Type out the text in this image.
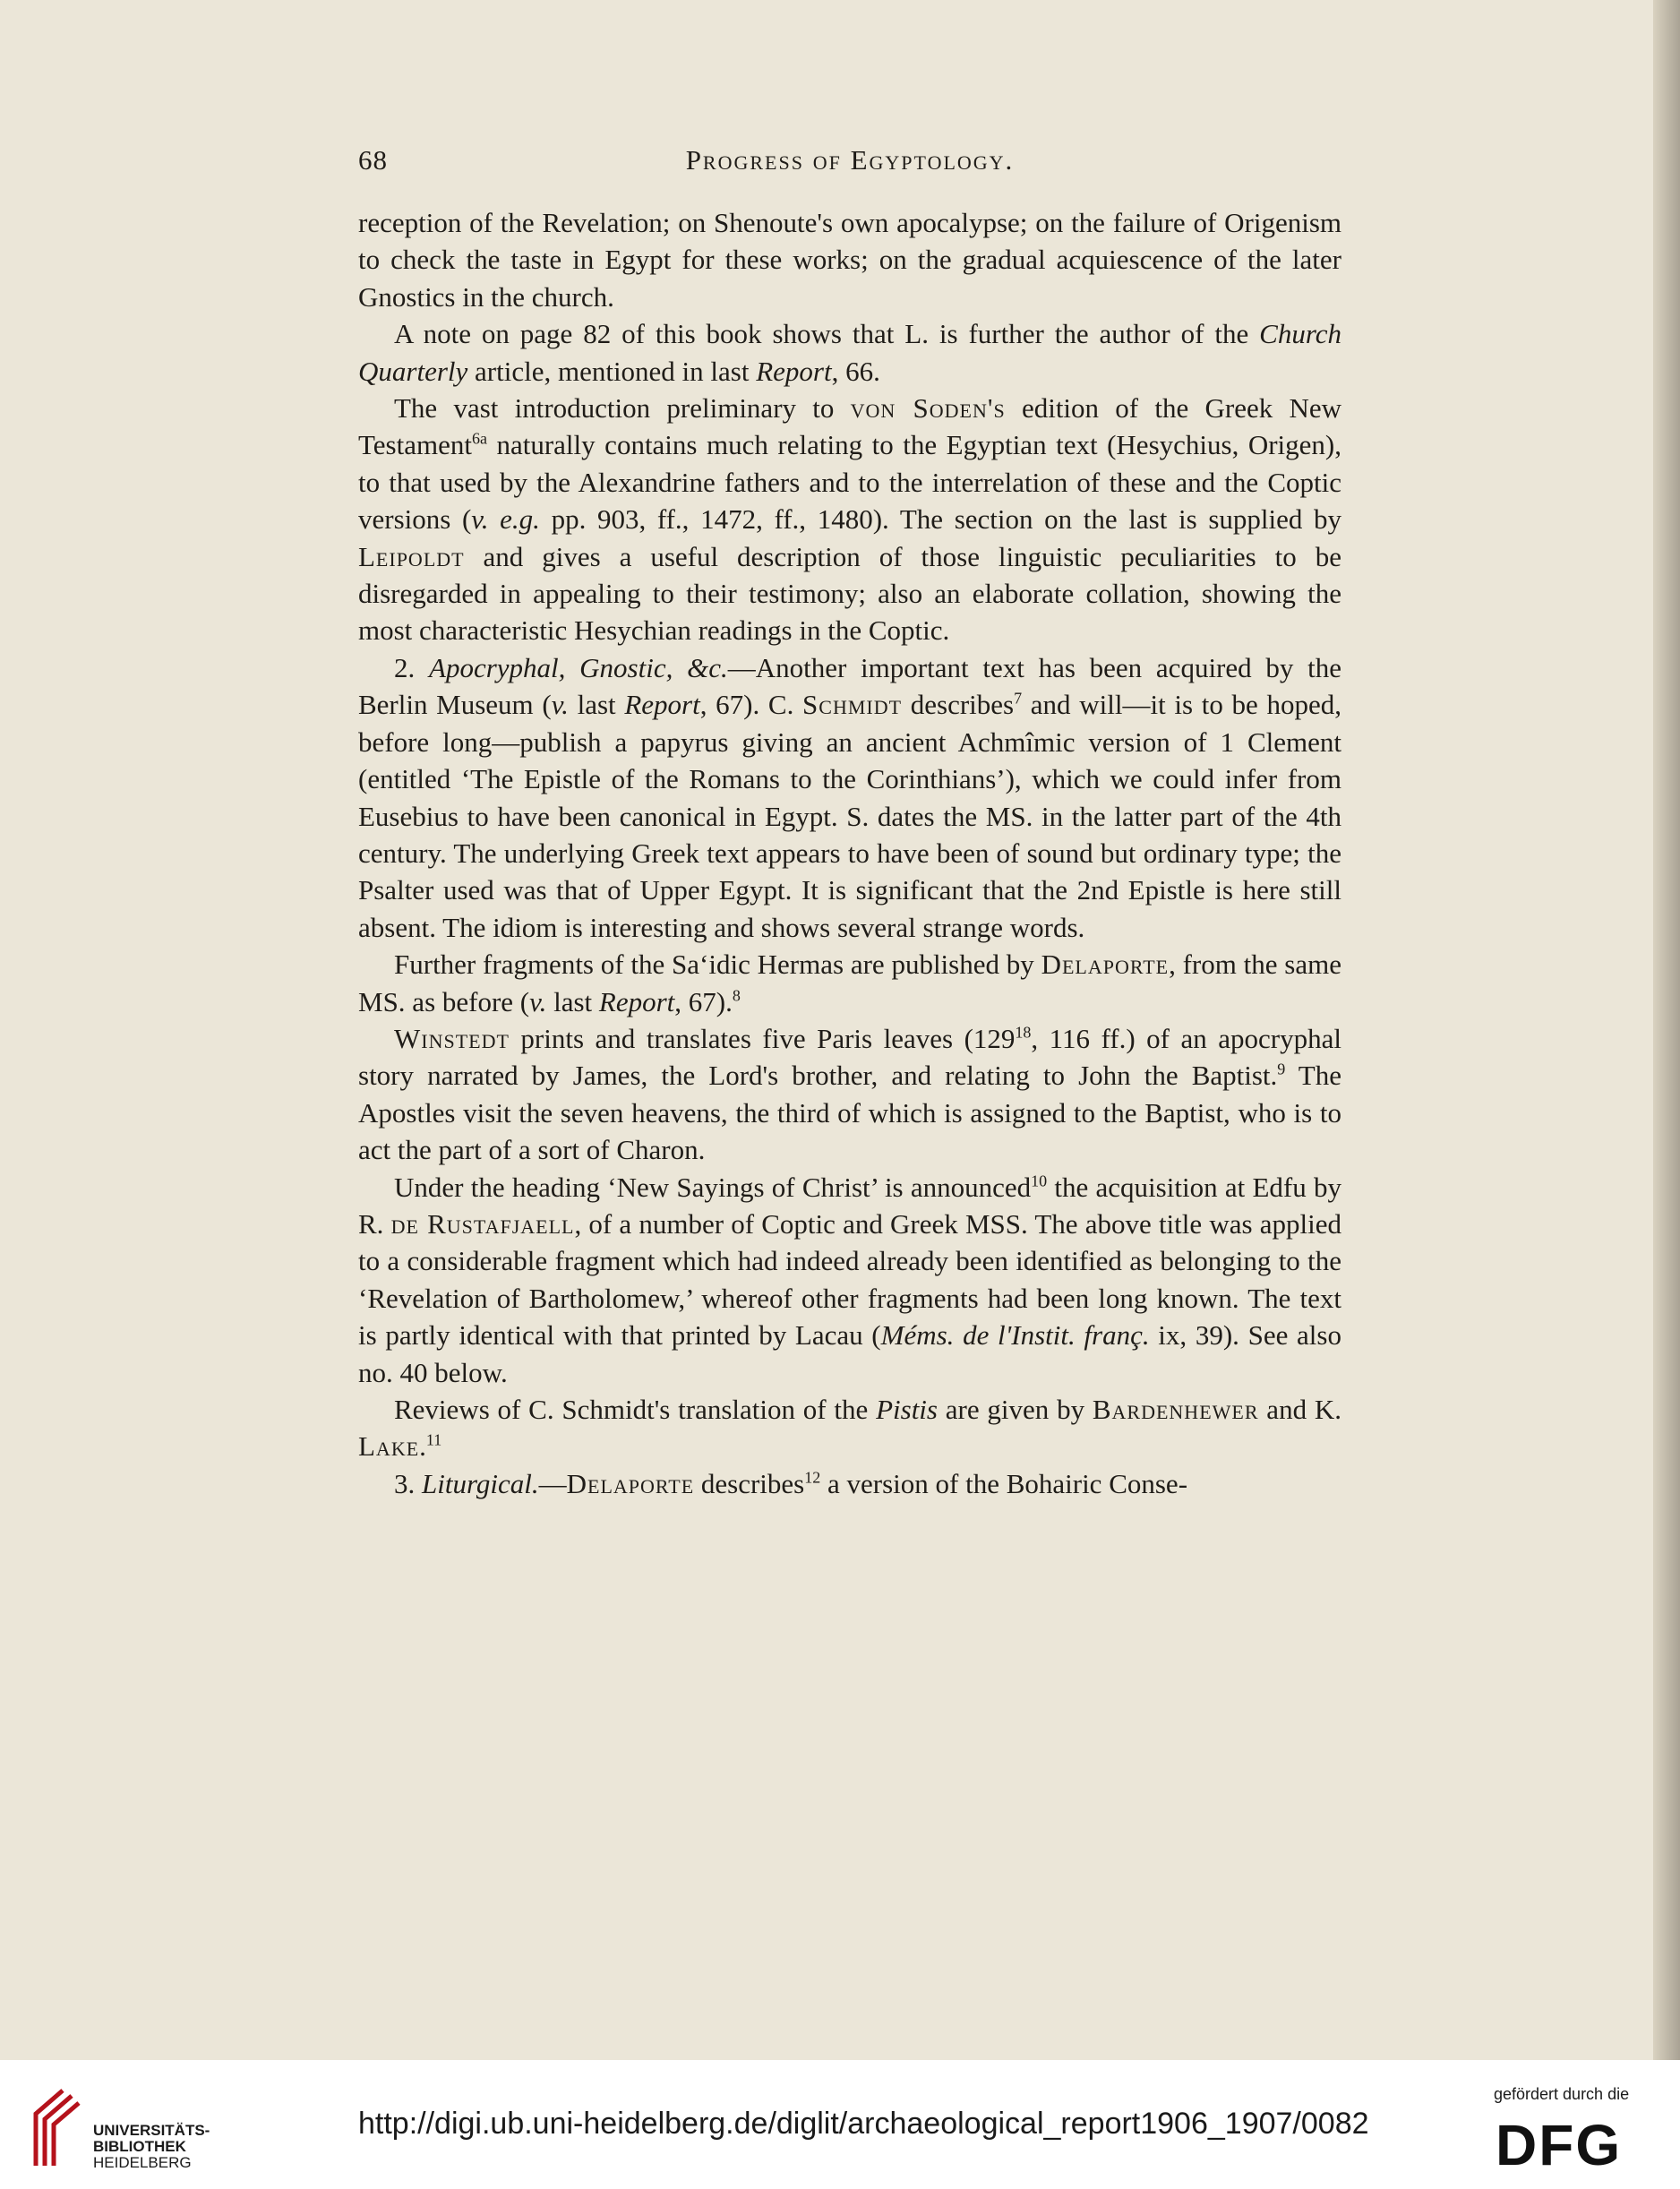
68	Progress of Egyptology.

reception of the Revelation; on Shenoute's own apocalypse; on the failure of Origenism to check the taste in Egypt for these works; on the gradual acquiescence of the later Gnostics in the church.

A note on page 82 of this book shows that L. is further the author of the Church Quarterly article, mentioned in last Report, 66.

The vast introduction preliminary to von Soden's edition of the Greek New Testament$^{6a}$ naturally contains much relating to the Egyptian text (Hesychius, Origen), to that used by the Alexandrine fathers and to the interrelation of these and the Coptic versions (v. e.g. pp. 903, ff., 1472, ff., 1480). The section on the last is supplied by Leipoldt and gives a useful description of those linguistic peculiarities to be disregarded in appealing to their testimony; also an elaborate collation, showing the most characteristic Hesychian readings in the Coptic.

2. Apocryphal, Gnostic, &c.—Another important text has been acquired by the Berlin Museum (v. last Report, 67). C. Schmidt describes$^7$ and will—it is to be hoped, before long—publish a papyrus giving an ancient Achmîmic version of 1 Clement (entitled ‘The Epistle of the Romans to the Corinthians’), which we could infer from Eusebius to have been canonical in Egypt. S. dates the MS. in the latter part of the 4th century. The underlying Greek text appears to have been of sound but ordinary type; the Psalter used was that of Upper Egypt. It is significant that the 2nd Epistle is here still absent. The idiom is interesting and shows several strange words.

Further fragments of the Sa‘idic Hermas are published by Delaporte, from the same MS. as before (v. last Report, 67).$^8$

Winstedt prints and translates five Paris leaves ($129^{18}$, 116 ff.) of an apocryphal story narrated by James, the Lord's brother, and relating to John the Baptist.$^9$ The Apostles visit the seven heavens, the third of which is assigned to the Baptist, who is to act the part of a sort of Charon.

Under the heading ‘New Sayings of Christ’ is announced$^{10}$ the acquisition at Edfu by R. de Rustafjaell, of a number of Coptic and Greek MSS. The above title was applied to a considerable fragment which had indeed already been identified as belonging to the ‘Revelation of Bartholomew,’ whereof other fragments had been long known. The text is partly identical with that printed by Lacau (Méms. de l'Instit. franç. ix, 39). See also no. 40 below.

Reviews of C. Schmidt's translation of the Pistis are given by Bardenhewer and K. Lake.$^{11}$

3. Liturgical.—Delaporte describes$^{12}$ a version of the Bohairic Conse-

UNIVERSITÄTS-
BIBLIOTHEK
HEIDELBERG
http://digi.ub.uni-heidelberg.de/diglit/archaeological_report1906_1907/0082
gefördert durch die
DFG
